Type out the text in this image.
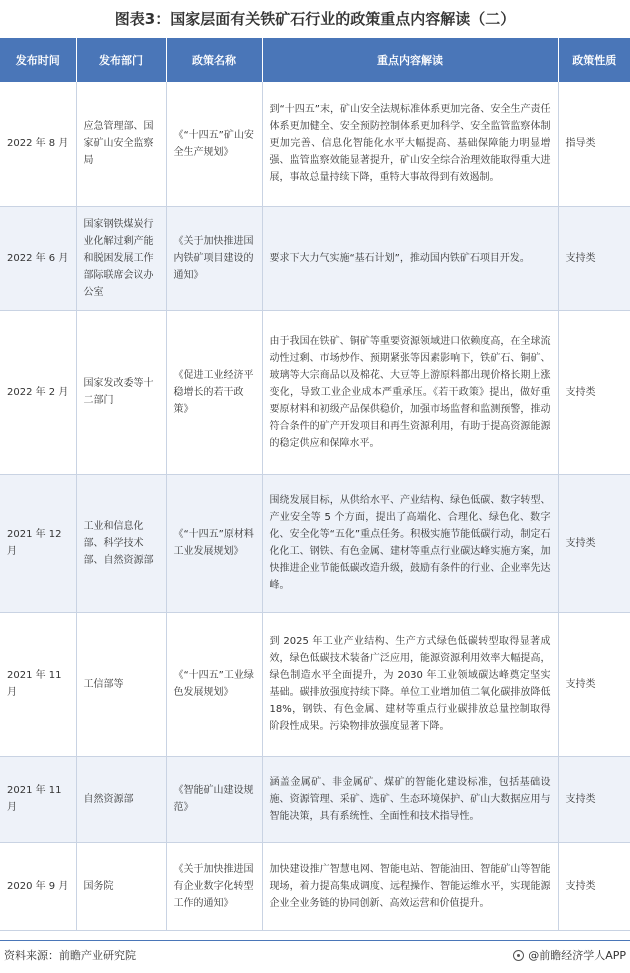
图表3：国家层面有关铁矿石行业的政策重点内容解读（二）
发布时间	发布部门	政策名称	重点内容解读	政策性质
2022 年 8 月	应急管理部、国家矿山安全监察局	《“十四五”矿山安全生产规划》	到“十四五”末，矿山安全法规标准体系更加完备、安全生产责任体系更加健全、安全预防控制体系更加科学、安全监管监察体制更加完善、信息化智能化水平大幅提高、基础保障能力明显增强、监管监察效能显著提升，矿山安全综合治理效能取得重大进展，事故总量持续下降，重特大事故得到有效遏制。	指导类
2022 年 6 月	国家钢铁煤炭行业化解过剩产能和脱困发展工作部际联席会议办公室	《关于加快推进国内铁矿项目建设的通知》	要求下大力气实施“基石计划”，推动国内铁矿石项目开发。	支持类
2022 年 2 月	国家发改委等十二部门	《促进工业经济平稳增长的若干政策》	由于我国在铁矿、铜矿等重要资源领域进口依赖度高，在全球流动性过剩、市场炒作、预期紧张等因素影响下，铁矿石、铜矿、玻璃等大宗商品以及棉花、大豆等上游原料都出现价格长期上涨变化，导致工业企业成本严重承压。《若干政策》提出，做好重要原材料和初级产品保供稳价，加强市场监督和监测预警，推动符合条件的矿产开发项目和再生资源利用，有助于提高资源能源的稳定供应和保障水平。	支持类
2021 年 12 月	工业和信息化部、科学技术部、自然资源部	《“十四五”原材料工业发展规划》	围绕发展目标，从供给水平、产业结构、绿色低碳、数字转型、产业安全等 5 个方面，提出了高端化、合理化、绿色化、数字化、安全化等“五化”重点任务。积极实施节能低碳行动，制定石化化工、钢铁、有色金属、建材等重点行业碳达峰实施方案，加快推进企业节能低碳改造升级，鼓励有条件的行业、企业率先达峰。	支持类
2021 年 11 月	工信部等	《“十四五”工业绿色发展规划》	到 2025 年工业产业结构、生产方式绿色低碳转型取得显著成效，绿色低碳技术装备广泛应用，能源资源利用效率大幅提高，绿色制造水平全面提升，为 2030 年工业领域碳达峰奠定坚实基础。碳排放强度持续下降。单位工业增加值二氧化碳排放降低 18%，钢铁、有色金属、建材等重点行业碳排放总量控制取得阶段性成果。污染物排放强度显著下降。	支持类
2021 年 11 月	自然资源部	《智能矿山建设规范》	涵盖金属矿、非金属矿、煤矿的智能化建设标准，包括基础设施、资源管理、采矿、选矿、生态环境保护、矿山大数据应用与智能决策，具有系统性、全面性和技术指导性。	支持类
2020 年 9 月	国务院	《关于加快推进国有企业数字化转型工作的通知》	加快建设推广智慧电网、智能电站、智能油田、智能矿山等智能现场，着力提高集成调度、远程操作、智能运维水平，实现能源企业全业务链的协同创新、高效运营和价值提升。	支持类
资料来源：前瞻产业研究院	@前瞻经济学人APP
